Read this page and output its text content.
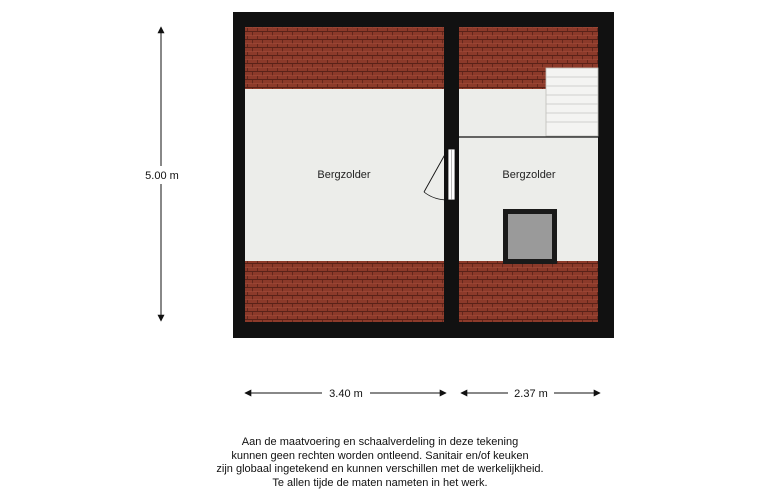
Bergzolder	Bergzolder
5.00 m
3.40 m	2.37 m
Aan de maatvoering en schaalverdeling in deze tekening
kunnen geen rechten worden ontleend. Sanitair en/of keuken
zijn globaal ingetekend en kunnen verschillen met de werkelijkheid.
Te allen tijde de maten nameten in het werk.
